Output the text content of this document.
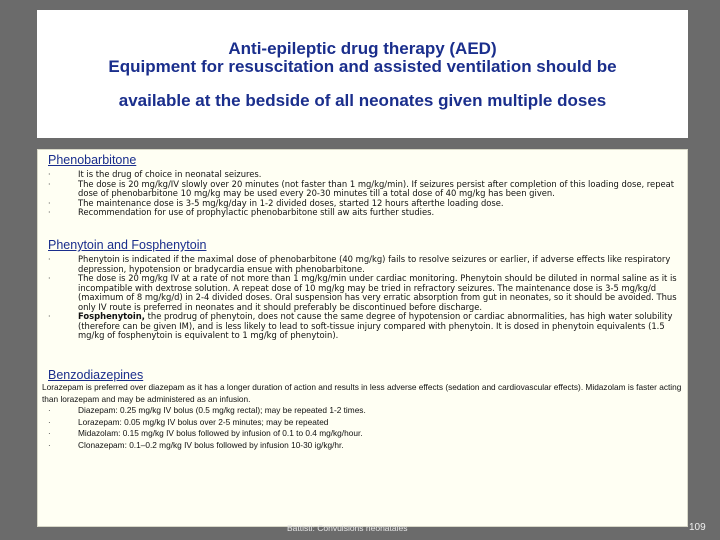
Anti-epileptic drug therapy (AED)
Equipment for resuscitation and assisted ventilation should be
available at the bedside of all neonates given multiple doses
Phenobarbitone
·	It is the drug of choice in neonatal seizures.
·	The dose is 20 mg/kg/IV slowly over 20 minutes (not faster than 1 mg/kg/min). If seizures persist after completion of this loading dose, repeat dose of phenobarbitone 10 mg/kg may be used every 20-30 minutes till a total dose of 40 mg/kg has been given.
·	The maintenance dose is 3-5 mg/kg/day in 1-2 divided doses, started 12 hours afterthe loading dose.
·	Recommendation for use of prophylactic phenobarbitone still aw aits further studies.
Phenytoin and Fosphenytoin
·	Phenytoin is indicated if the maximal dose of phenobarbitone (40 mg/kg) fails to resolve seizures or earlier, if adverse effects like respiratory depression, hypotension or bradycardia ensue with phenobarbitone.
·	The dose is 20 mg/kg IV at a rate of not more than 1 mg/kg/min under cardiac monitoring. Phenytoin should be diluted in normal saline as it is incompatible with dextrose solution. A repeat dose of 10 mg/kg may be tried in refractory seizures. The maintenance dose is 3-5 mg/kg/d (maximum of 8 mg/kg/d) in 2-4 divided doses. Oral suspension has very erratic absorption from gut in neonates, so it should be avoided. Thus only IV route is preferred in neonates and it should preferably be discontinued before discharge.
·	Fosphenytoin, the prodrug of phenytoin, does not cause the same degree of hypotension or cardiac abnormalities, has high water solubility (therefore can be given IM), and is less likely to lead to soft-tissue injury compared with phenytoin. It is dosed in phenytoin equivalents (1.5 mg/kg of fosphenytoin is equivalent to 1 mg/kg of phenytoin).
Benzodiazepines
Lorazepam is preferred over diazepam as it has a longer duration of action and results in less adverse effects (sedation and cardiovascular effects). Midazolam is faster acting than lorazepam and may be administered as an infusion.
·	Diazepam: 0.25 mg/kg IV bolus (0.5 mg/kg rectal); may be repeated 1-2 times.
·	Lorazepam: 0.05 mg/kg IV bolus over 2-5 minutes; may be repeated
·	Midazolam: 0.15 mg/kg IV bolus followed by infusion of 0.1 to 0.4 mg/kg/hour.
·	Clonazepam: 0.1–0.2 mg/kg IV bolus followed by infusion 10-30 ig/kg/hr.
Battisti: Convulsions néonatales	109
